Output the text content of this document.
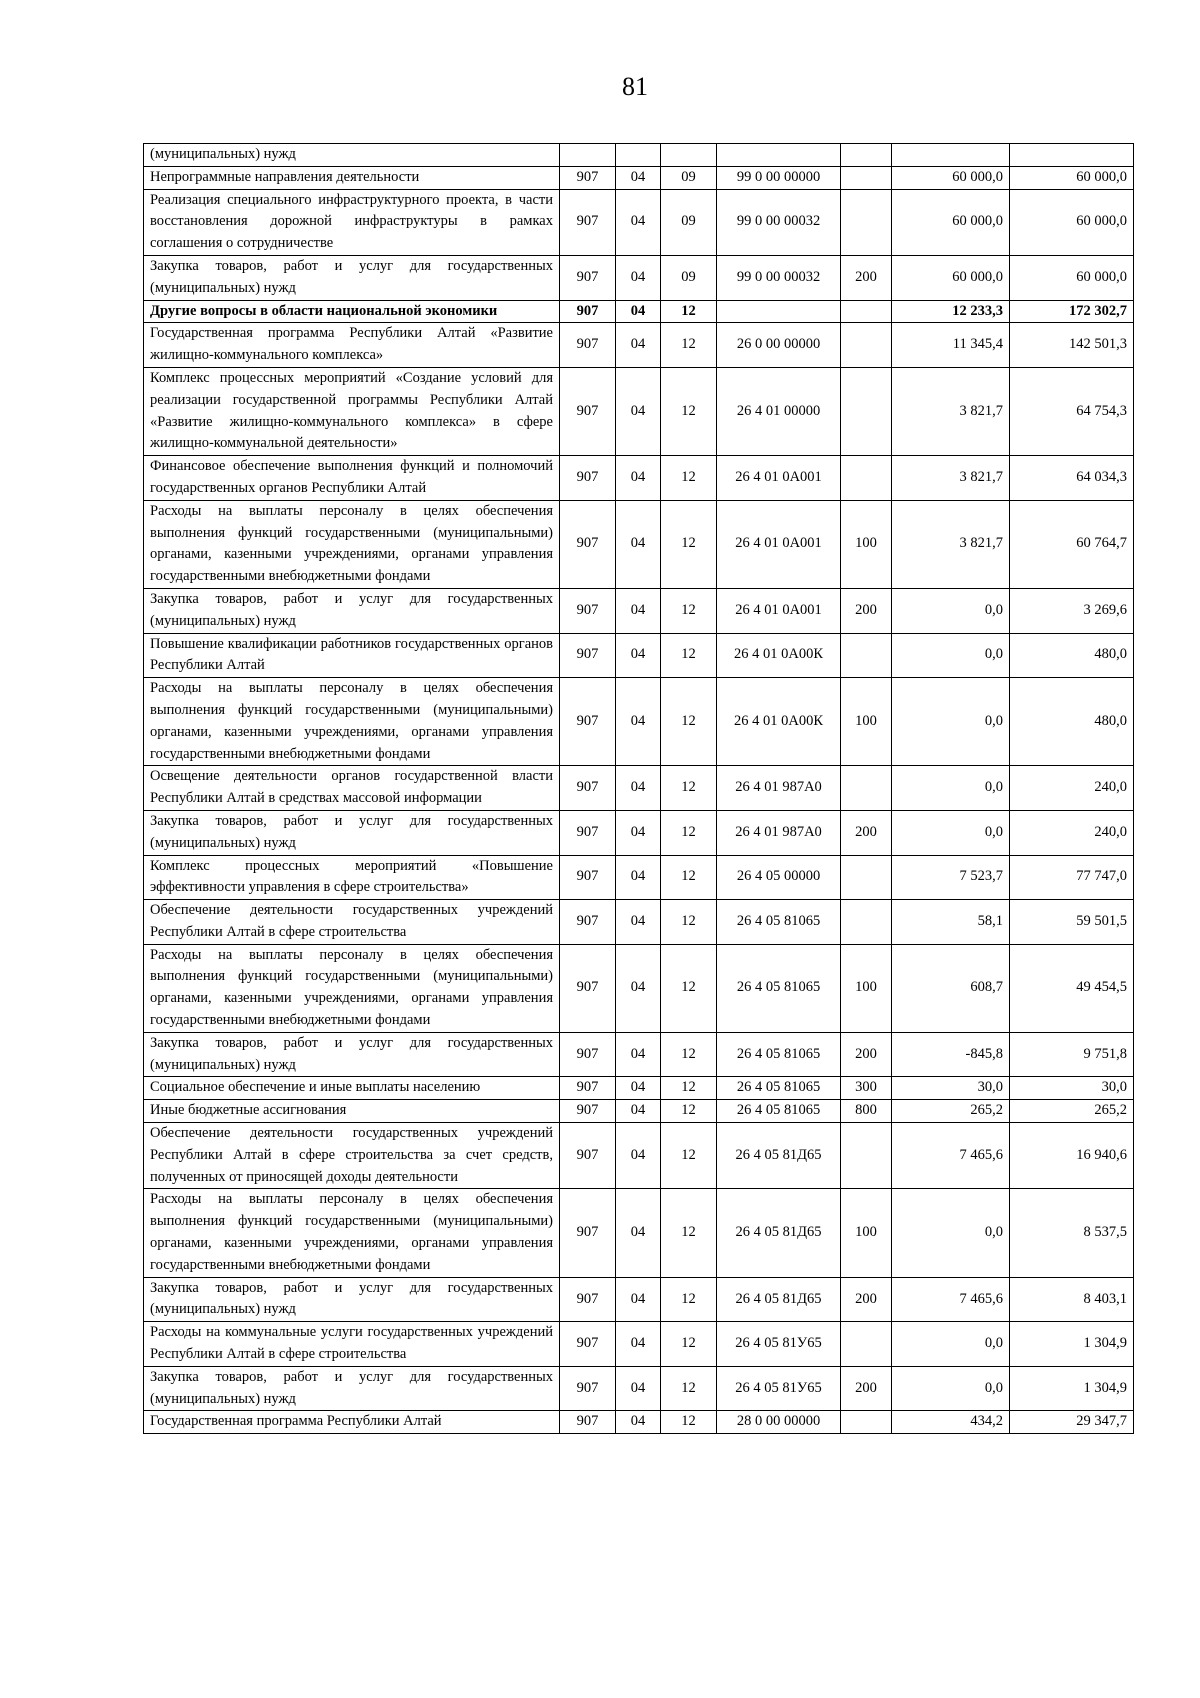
81
(муниципальных) нужд							
Непрограммные направления деятельности	907	04	09	99 0 00 00000		60 000,0	60 000,0
Реализация специального инфраструктурного проекта, в части восстановления дорожной инфраструктуры в рамках соглашения о сотрудничестве	907	04	09	99 0 00 00032		60 000,0	60 000,0
Закупка товаров, работ и услуг для государственных (муниципальных) нужд	907	04	09	99 0 00 00032	200	60 000,0	60 000,0
Другие вопросы в области национальной экономики	907	04	12			12 233,3	172 302,7
Государственная программа Республики Алтай «Развитие жилищно-коммунального комплекса»	907	04	12	26 0 00 00000		11 345,4	142 501,3
Комплекс процессных мероприятий «Создание условий для реализации государственной программы Республики Алтай «Развитие жилищно-коммунального комплекса» в сфере жилищно-коммунальной деятельности»	907	04	12	26 4 01 00000		3 821,7	64 754,3
Финансовое обеспечение выполнения функций и полномочий государственных органов Республики Алтай	907	04	12	26 4 01 0А001		3 821,7	64 034,3
Расходы на выплаты персоналу в целях обеспечения выполнения функций государственными (муниципальными) органами, казенными учреждениями, органами управления государственными внебюджетными фондами	907	04	12	26 4 01 0А001	100	3 821,7	60 764,7
Закупка товаров, работ и услуг для государственных (муниципальных) нужд	907	04	12	26 4 01 0А001	200	0,0	3 269,6
Повышение квалификации работников государственных органов Республики Алтай	907	04	12	26 4 01 0А00К		0,0	480,0
Расходы на выплаты персоналу в целях обеспечения выполнения функций государственными (муниципальными) органами, казенными учреждениями, органами управления государственными внебюджетными фондами	907	04	12	26 4 01 0А00К	100	0,0	480,0
Освещение деятельности органов государственной власти Республики Алтай в средствах массовой информации	907	04	12	26 4 01 987А0		0,0	240,0
Закупка товаров, работ и услуг для государственных (муниципальных) нужд	907	04	12	26 4 01 987А0	200	0,0	240,0
Комплекс процессных мероприятий «Повышение эффективности управления в сфере строительства»	907	04	12	26 4 05 00000		7 523,7	77 747,0
Обеспечение деятельности государственных учреждений Республики Алтай в сфере строительства	907	04	12	26 4 05 81065		58,1	59 501,5
Расходы на выплаты персоналу в целях обеспечения выполнения функций государственными (муниципальными) органами, казенными учреждениями, органами управления государственными внебюджетными фондами	907	04	12	26 4 05 81065	100	608,7	49 454,5
Закупка товаров, работ и услуг для государственных (муниципальных) нужд	907	04	12	26 4 05 81065	200	-845,8	9 751,8
Социальное обеспечение и иные выплаты населению	907	04	12	26 4 05 81065	300	30,0	30,0
Иные бюджетные ассигнования	907	04	12	26 4 05 81065	800	265,2	265,2
Обеспечение деятельности государственных учреждений Республики Алтай в сфере строительства за счет средств, полученных от приносящей доходы деятельности	907	04	12	26 4 05 81Д65		7 465,6	16 940,6
Расходы на выплаты персоналу в целях обеспечения выполнения функций государственными (муниципальными) органами, казенными учреждениями, органами управления государственными внебюджетными фондами	907	04	12	26 4 05 81Д65	100	0,0	8 537,5
Закупка товаров, работ и услуг для государственных (муниципальных) нужд	907	04	12	26 4 05 81Д65	200	7 465,6	8 403,1
Расходы на коммунальные услуги государственных учреждений Республики Алтай в сфере строительства	907	04	12	26 4 05 81У65		0,0	1 304,9
Закупка товаров, работ и услуг для государственных (муниципальных) нужд	907	04	12	26 4 05 81У65	200	0,0	1 304,9
Государственная программа Республики Алтай	907	04	12	28 0 00 00000		434,2	29 347,7
